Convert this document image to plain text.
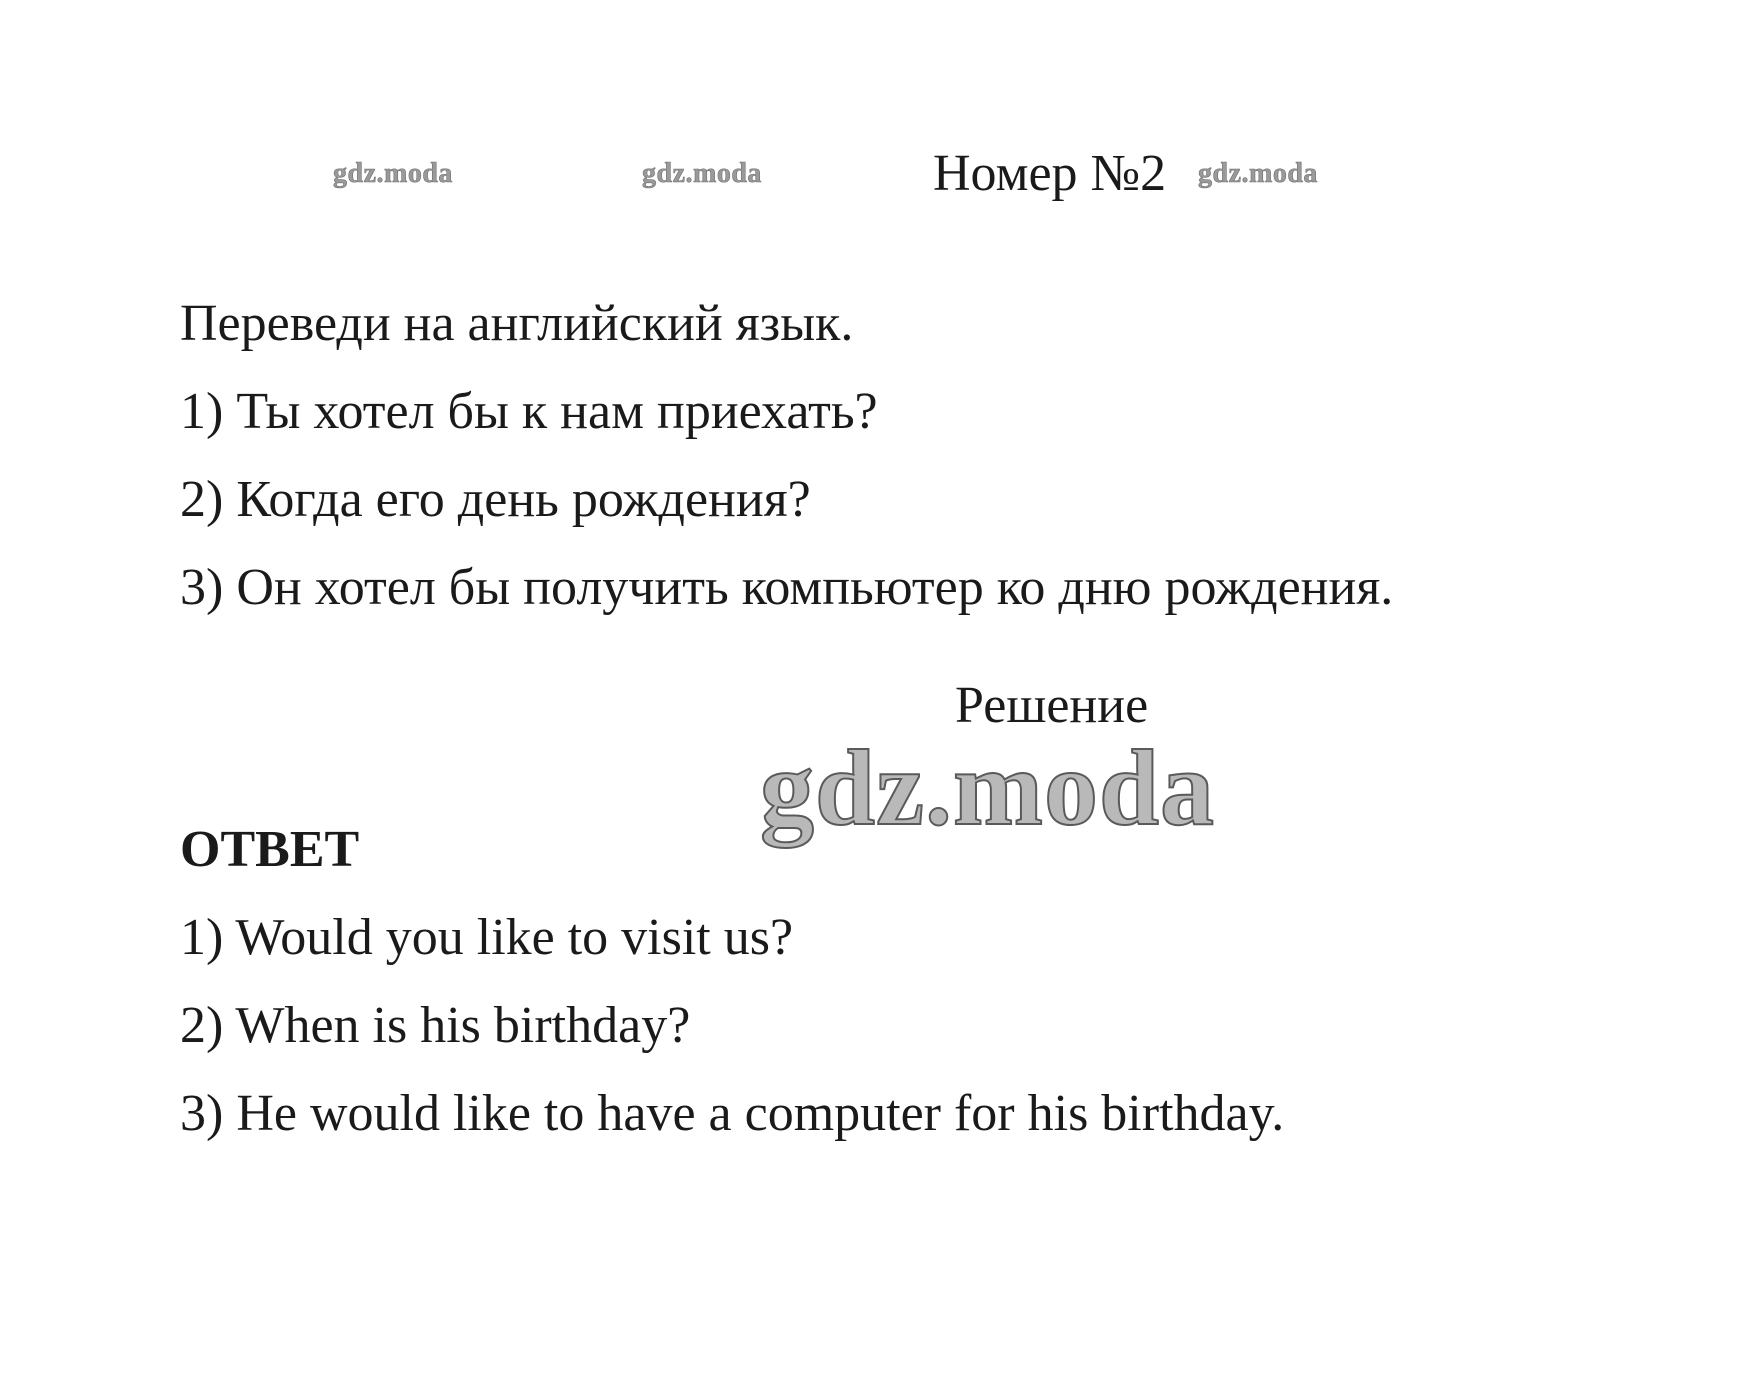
gdz.moda	gdz.moda	Номер №2 gdz.moda
Переведи на английский язык.
1) Ты хотел бы к нам приехать?
2) Когда его день рождения?
3) Он хотел бы получить компьютер ко дню рождения.
Решение
gdz.moda
ОТВЕТ
1) Would you like to visit us?
2) When is his birthday?
3) He would like to have a computer for his birthday.
